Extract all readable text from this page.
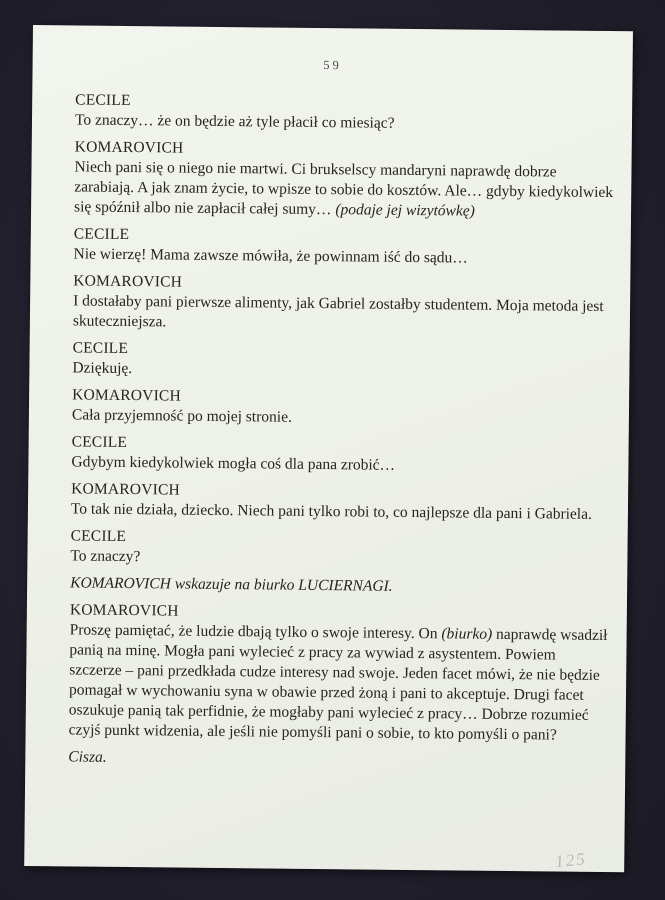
59
CECILE
To znaczy… że on będzie aż tyle płacił co miesiąc?
KOMAROVICH
Niech pani się o niego nie martwi. Ci brukselscy mandaryni naprawdę dobrze zarabiają. A jak znam życie, to wpisze to sobie do kosztów. Ale… gdyby kiedykolwiek się spóźnił albo nie zapłacił całej sumy… (podaje jej wizytówkę)
CECILE
Nie wierzę! Mama zawsze mówiła, że powinnam iść do sądu…
KOMAROVICH
I dostałaby pani pierwsze alimenty, jak Gabriel zostałby studentem. Moja metoda jest skuteczniejsza.
CECILE
Dziękuję.
KOMAROVICH
Cała przyjemność po mojej stronie.
CECILE
Gdybym kiedykolwiek mogła coś dla pana zrobić…
KOMAROVICH
To tak nie działa, dziecko. Niech pani tylko robi to, co najlepsze dla pani i Gabriela.
CECILE
To znaczy?
KOMAROVICH wskazuje na biurko LUCIERNAGI.
KOMAROVICH
Proszę pamiętać, że ludzie dbają tylko o swoje interesy. On (biurko) naprawdę wsadził panią na minę. Mogła pani wylecieć z pracy za wywiad z asystentem. Powiem szczerze – pani przedkłada cudze interesy nad swoje. Jeden facet mówi, że nie będzie pomagał w wychowaniu syna w obawie przed żoną i pani to akceptuje. Drugi facet oszukuje panią tak perfidnie, że mogłaby pani wylecieć z pracy… Dobrze rozumieć czyjś punkt widzenia, ale jeśli nie pomyśli pani o sobie, to kto pomyśli o pani?
Cisza.
125
